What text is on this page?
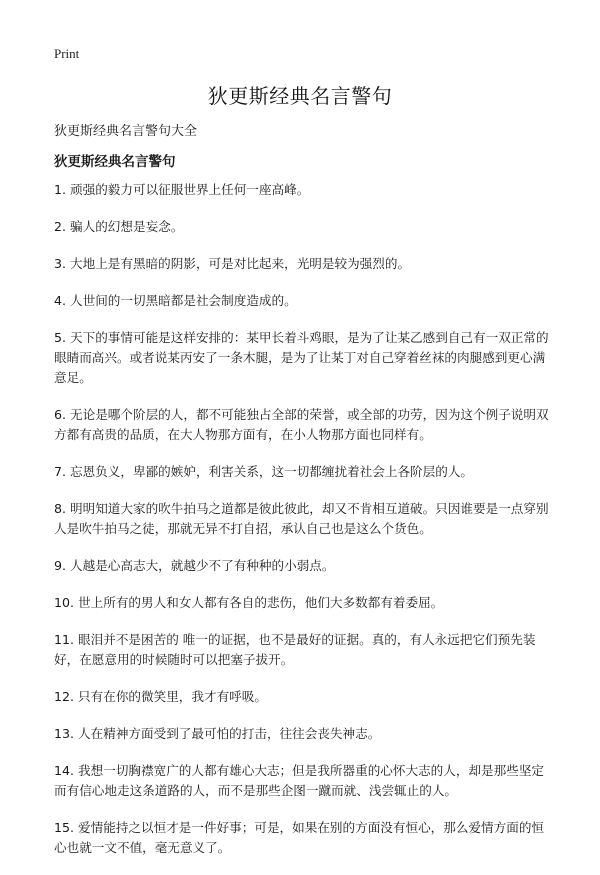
Print
狄更斯经典名言警句

狄更斯经典名言警句大全

狄更斯经典名言警句
1. 顽强的毅力可以征服世界上任何一座高峰。
2. 骗人的幻想是妄念。
3. 大地上是有黑暗的阴影，可是对比起来，光明是较为强烈的。
4. 人世间的一切黑暗都是社会制度造成的。
5. 天下的事情可能是这样安排的：某甲长着斗鸡眼，是为了让某乙感到自己有一双正常的眼睛而高兴。或者说某丙安了一条木腿，是为了让某丁对自己穿着丝袜的肉腿感到更心满意足。
6. 无论是哪个阶层的人，都不可能独占全部的荣誉，或全部的功劳，因为这个例子说明双方都有高贵的品质，在大人物那方面有，在小人物那方面也同样有。
7. 忘恩负义，卑鄙的嫉妒，利害关系，这一切都缠扰着社会上各阶层的人。
8. 明明知道大家的吹牛拍马之道都是彼此彼此，却又不肯相互道破。只因谁要是一点穿别人是吹牛拍马之徒，那就无异不打自招，承认自己也是这么个货色。
9. 人越是心高志大，就越少不了有种种的小弱点。
10. 世上所有的男人和女人都有各自的悲伤，他们大多数都有着委屈。
11. 眼泪并不是困苦的 唯一的证据，也不是最好的证据。真的，有人永远把它们预先装好，在愿意用的时候随时可以把塞子拔开。
12. 只有在你的微笑里，我才有呼吸。
13. 人在精神方面受到了最可怕的打击，往往会丧失神志。
14. 我想一切胸襟宽广的人都有雄心大志；但是我所器重的心怀大志的人，却是那些坚定而有信心地走这条道路的人，而不是那些企图一蹴而就、浅尝辄止的人。
15. 爱情能持之以恒才是一件好事；可是，如果在别的方面没有恒心，那么爱情方面的恒心也就一文不值，毫无意义了。
